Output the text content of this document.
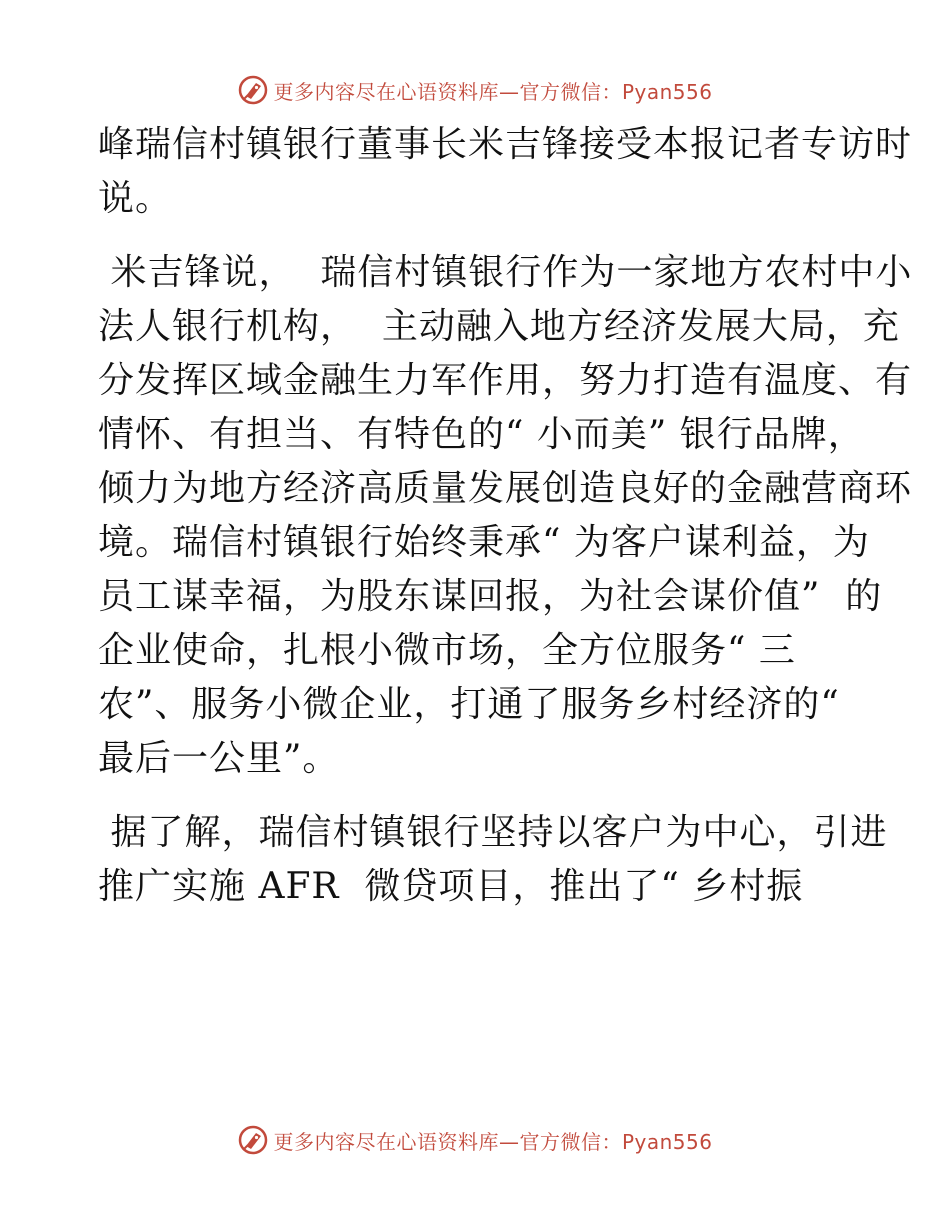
更多内容尽在心语资料库—官方微信：Pyan556

峰瑞信村镇银行董事长米吉锋接受本报记者专访时
说。

米吉锋说，  瑞信村镇银行作为一家地方农村中小
法人银行机构，  主动融入地方经济发展大局，充
分发挥区域金融生力军作用，努力打造有温度、有
情怀、有担当、有特色的“ 小而美” 银行品牌，
倾力为地方经济高质量发展创造良好的金融营商环
境。瑞信村镇银行始终秉承“ 为客户谋利益，为
员工谋幸福，为股东谋回报，为社会谋价值”  的
企业使命，扎根小微市场，全方位服务“ 三
农”、服务小微企业，打通了服务乡村经济的“
最后一公里”。

据了解，瑞信村镇银行坚持以客户为中心，引进
推广实施 AFR  微贷项目，推出了“ 乡村振

更多内容尽在心语资料库—官方微信：Pyan556
